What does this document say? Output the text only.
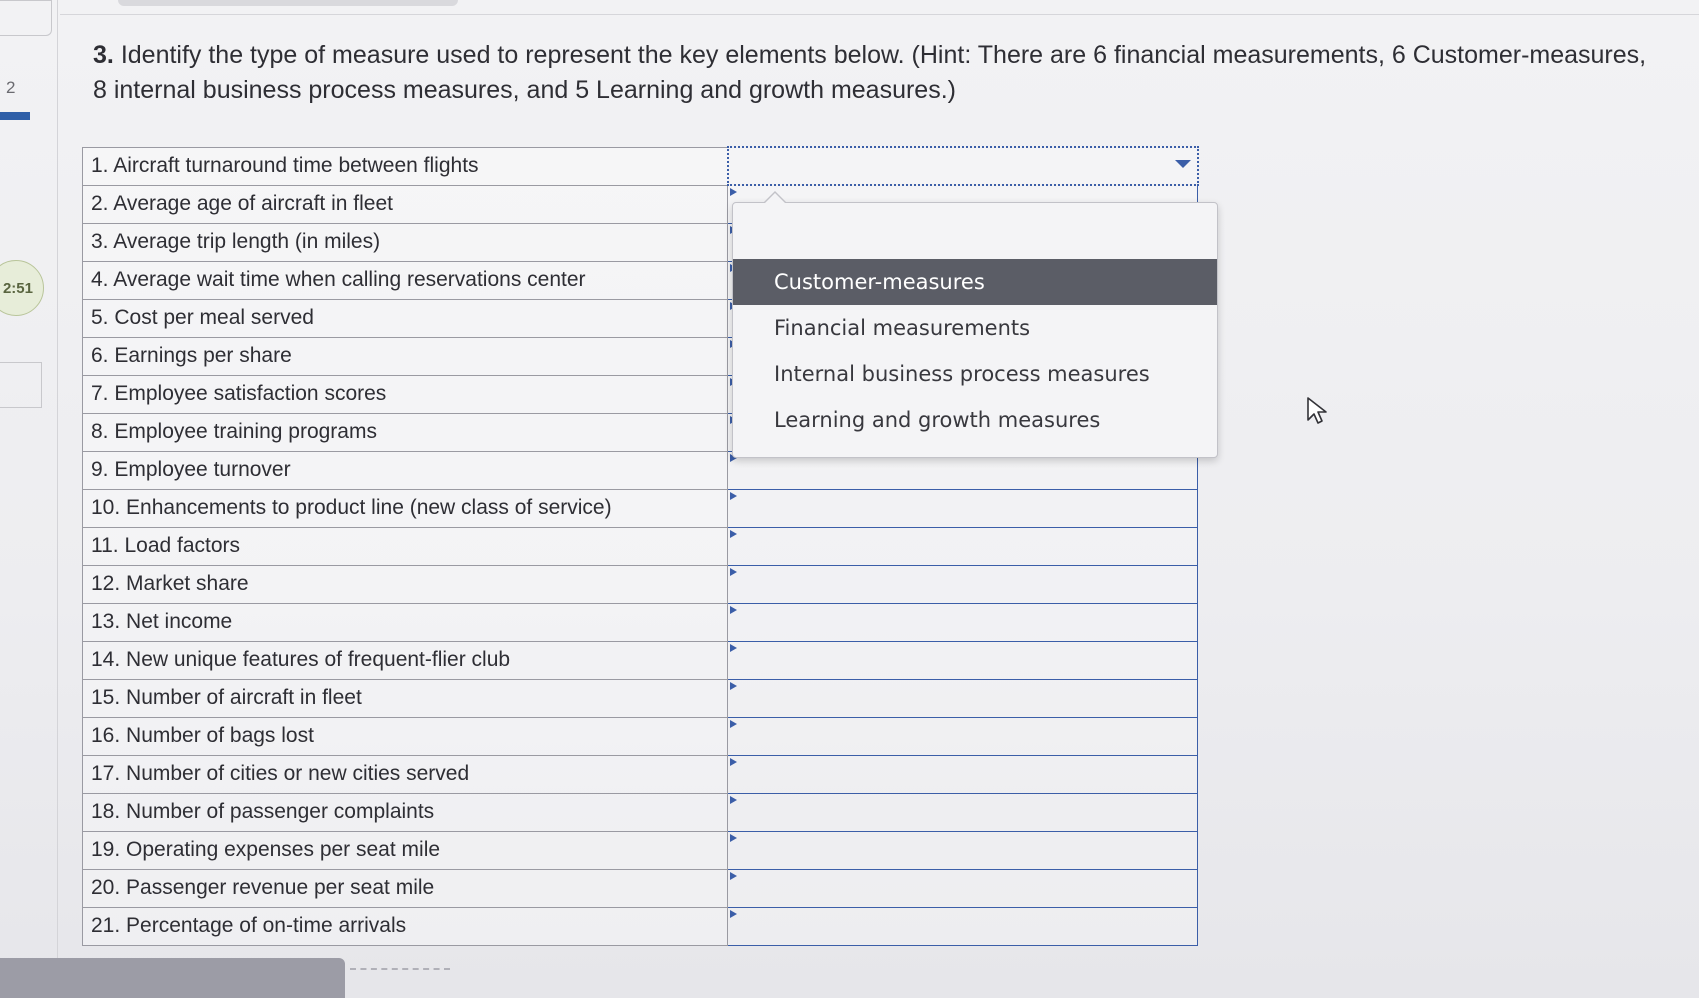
2
2:51
3. Identify the type of measure used to represent the key elements below. (Hint: There are 6 financial measurements, 6 Customer-measures, 8 internal business process measures, and 5 Learning and growth measures.)
1. Aircraft turnaround time between flights	

2. Average age of aircraft in fleet	
3. Average trip length (in miles)	
4. Average wait time when calling reservations center	
5. Cost per meal served	
6. Earnings per share	
7. Employee satisfaction scores	
8. Employee training programs	
9. Employee turnover	
10. Enhancements to product line (new class of service)	
11. Load factors	
12. Market share	
13. Net income	
14. New unique features of frequent-flier club	
15. Number of aircraft in fleet	
16. Number of bags lost	
17. Number of cities or new cities served	
18. Number of passenger complaints	
19. Operating expenses per seat mile	
20. Passenger revenue per seat mile	
21. Percentage of on-time arrivals	
Customer-measures
Financial measurements
Internal business process measures
Learning and growth measures
